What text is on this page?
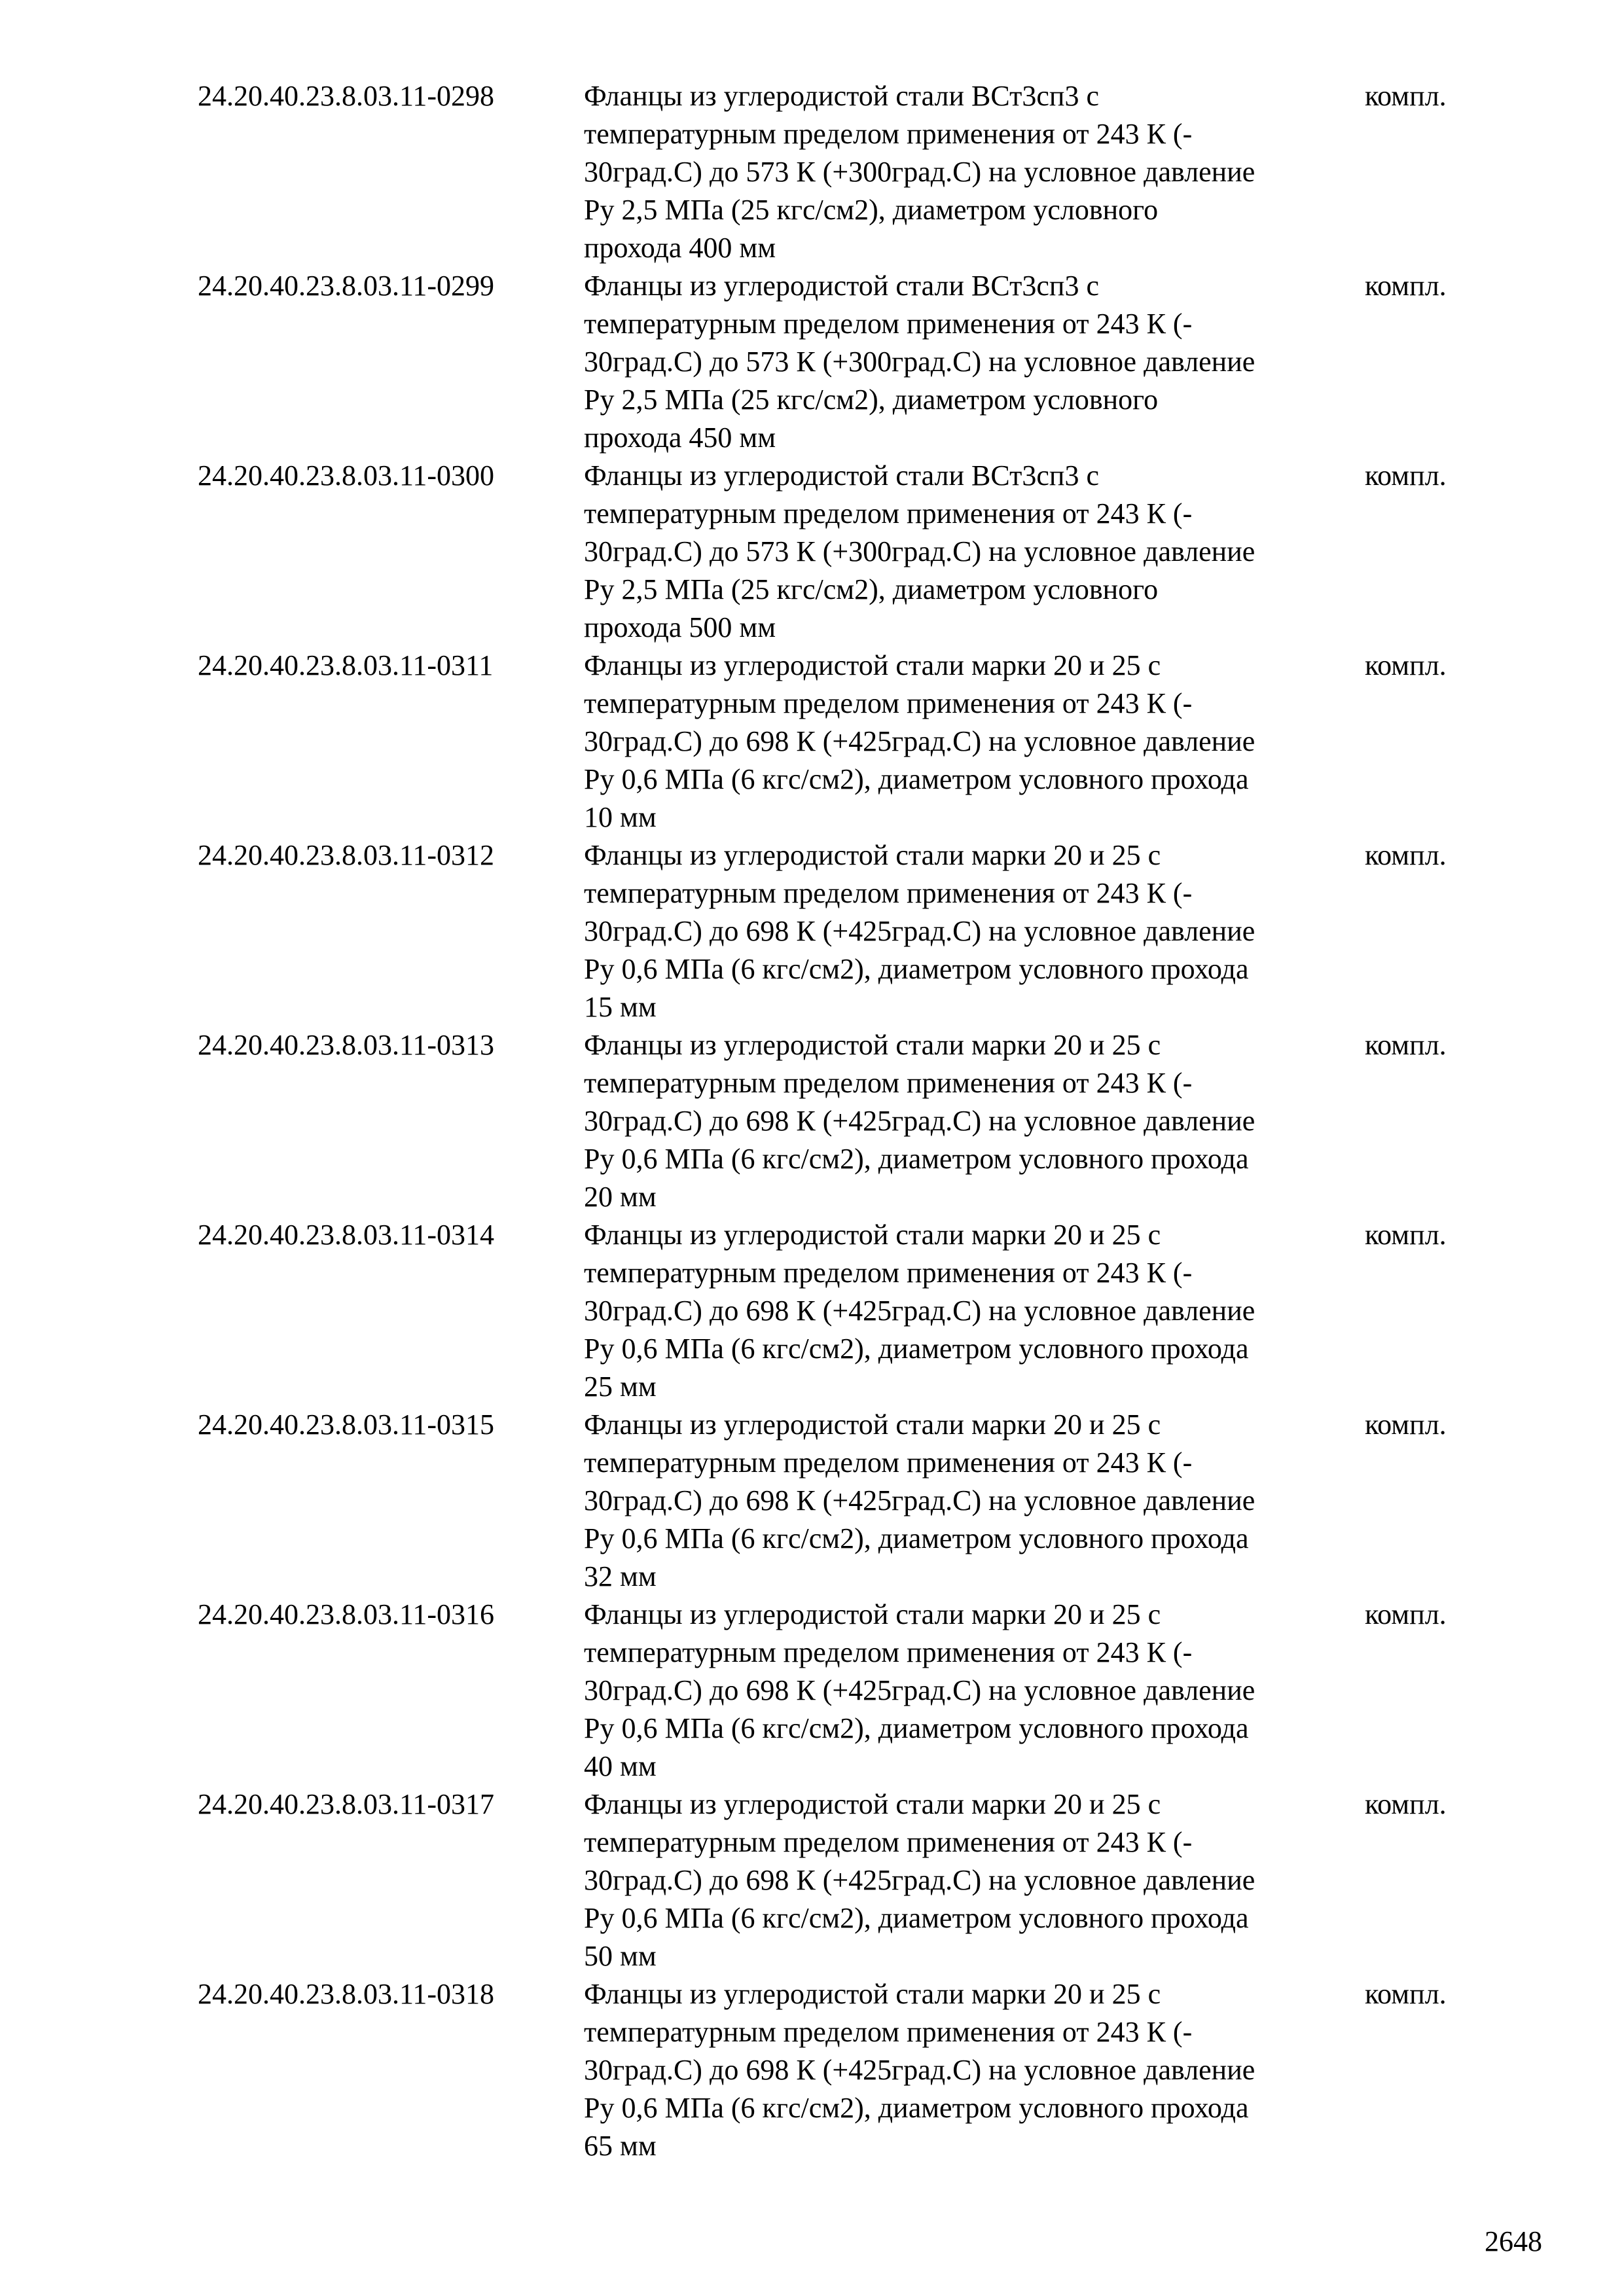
24.20.40.23.8.03.11-0298	Фланцы из углеродистой стали ВСт3сп3 с
температурным пределом применения от 243 К (-
30град.С) до 573 К (+300град.С) на условное давление
Ру 2,5 МПа (25 кгс/см2), диаметром условного
прохода 400 мм
компл.
24.20.40.23.8.03.11-0299	Фланцы из углеродистой стали ВСт3сп3 с
температурным пределом применения от 243 К (-
30град.С) до 573 К (+300град.С) на условное давление
Ру 2,5 МПа (25 кгс/см2), диаметром условного
прохода 450 мм
компл.
24.20.40.23.8.03.11-0300	Фланцы из углеродистой стали ВСт3сп3 с
температурным пределом применения от 243 К (-
30град.С) до 573 К (+300град.С) на условное давление
Ру 2,5 МПа (25 кгс/см2), диаметром условного
прохода 500 мм
компл.
24.20.40.23.8.03.11-0311	Фланцы из углеродистой стали марки 20 и 25 с
температурным пределом применения от 243 К (-
30град.С) до 698 К (+425град.С) на условное давление
Ру 0,6 МПа (6 кгс/см2), диаметром условного прохода
10 мм
компл.
24.20.40.23.8.03.11-0312	Фланцы из углеродистой стали марки 20 и 25 с
температурным пределом применения от 243 К (-
30град.С) до 698 К (+425град.С) на условное давление
Ру 0,6 МПа (6 кгс/см2), диаметром условного прохода
15 мм
компл.
24.20.40.23.8.03.11-0313	Фланцы из углеродистой стали марки 20 и 25 с
температурным пределом применения от 243 К (-
30град.С) до 698 К (+425град.С) на условное давление
Ру 0,6 МПа (6 кгс/см2), диаметром условного прохода
20 мм
компл.
24.20.40.23.8.03.11-0314	Фланцы из углеродистой стали марки 20 и 25 с
температурным пределом применения от 243 К (-
30град.С) до 698 К (+425град.С) на условное давление
Ру 0,6 МПа (6 кгс/см2), диаметром условного прохода
25 мм
компл.
24.20.40.23.8.03.11-0315	Фланцы из углеродистой стали марки 20 и 25 с
температурным пределом применения от 243 К (-
30град.С) до 698 К (+425град.С) на условное давление
Ру 0,6 МПа (6 кгс/см2), диаметром условного прохода
32 мм
компл.
24.20.40.23.8.03.11-0316	Фланцы из углеродистой стали марки 20 и 25 с
температурным пределом применения от 243 К (-
30град.С) до 698 К (+425град.С) на условное давление
Ру 0,6 МПа (6 кгс/см2), диаметром условного прохода
40 мм
компл.
24.20.40.23.8.03.11-0317	Фланцы из углеродистой стали марки 20 и 25 с
температурным пределом применения от 243 К (-
30град.С) до 698 К (+425град.С) на условное давление
Ру 0,6 МПа (6 кгс/см2), диаметром условного прохода
50 мм
компл.
24.20.40.23.8.03.11-0318	Фланцы из углеродистой стали марки 20 и 25 с
температурным пределом применения от 243 К (-
30град.С) до 698 К (+425град.С) на условное давление
Ру 0,6 МПа (6 кгс/см2), диаметром условного прохода
65 мм
компл.
2648
